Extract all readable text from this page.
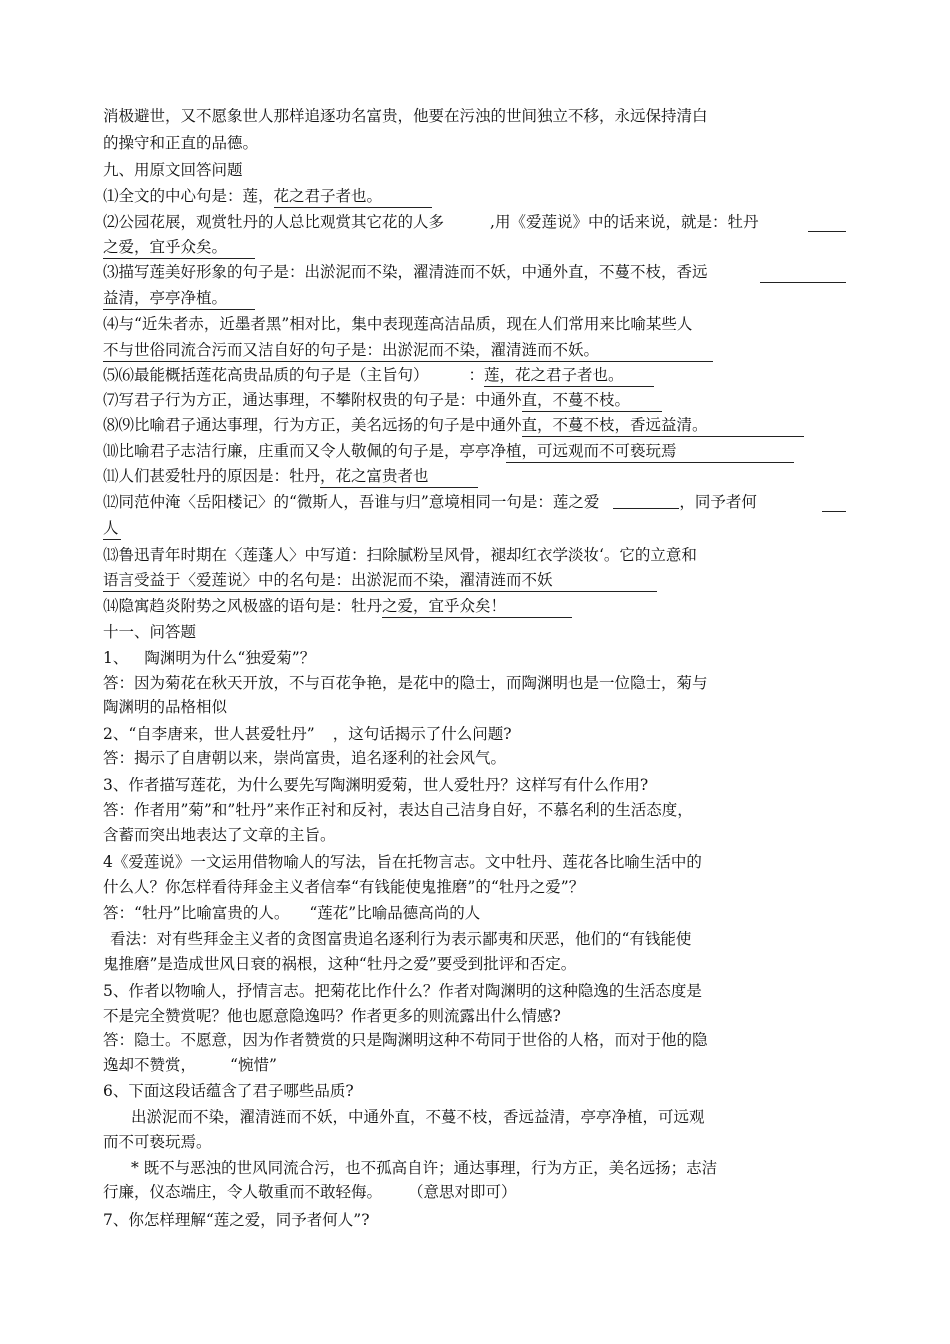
消极避世，又不愿象世人那样追逐功名富贵，他要在污浊的世间独立不移，永远保持清白
的操守和正直的品德。
九、用原文回答问题
⑴全文的中心句是：莲，花之君子者也。
⑵公园花展，观赏牡丹的人总比观赏其它花的人多	,用《爱莲说》中的话来说，就是：牡丹
之爱，宜乎众矣。
⑶描写莲美好形象的句子是：出淤泥而不染，濯清涟而不妖，中通外直，不蔓不枝，香远
益清，亭亭净植。
⑷与“近朱者赤，近墨者黑”相对比，集中表现莲高洁品质，现在人们常用来比喻某些人
不与世俗同流合污而又洁自好的句子是：出淤泥而不染，濯清涟而不妖。
⑸⑹最能概括莲花高贵品质的句子是（主旨句）	：莲，花之君子者也。
⑺写君子行为方正，通达事理，不攀附权贵的句子是：中通外直，不蔓不枝。
⑻⑼比喻君子通达事理，行为方正，美名远扬的句子是中通外直，不蔓不枝，香远益清。
⑽比喻君子志洁行廉，庄重而又令人敬佩的句子是，亭亭净植，可远观而不可亵玩焉
⑾人们甚爱牡丹的原因是：牡丹，花之富贵者也
⑿同范仲淹〈岳阳楼记〉的“微斯人，吾谁与归”意境相同一句是：莲之爱	，同予者何
人
⒀鲁迅青年时期在〈莲蓬人〉中写道：扫除腻粉呈风骨，褪却红衣学淡妆‘。它的立意和
语言受益于〈爱莲说〉中的名句是：出淤泥而不染，濯清涟而不妖
⒁隐寓趋炎附势之风极盛的语句是：牡丹之爱，宜乎众矣！
十一、问答题
1、 陶渊明为什么“独爱菊”？
答：因为菊花在秋天开放，不与百花争艳，是花中的隐士，而陶渊明也是一位隐士，菊与
陶渊明的品格相似
2、“自李唐来，世人甚爱牡丹” ，这句话揭示了什么问题?
答：揭示了自唐朝以来，崇尚富贵，追名逐利的社会风气。
3、作者描写莲花，为什么要先写陶渊明爱菊，世人爱牡丹？这样写有什么作用?
答：作者用”菊”和”牡丹”来作正衬和反衬，表达自己洁身自好，不慕名利的生活态度，
含蓄而突出地表达了文章的主旨。
4《爱莲说》一文运用借物喻人的写法，旨在托物言志。文中牡丹、莲花各比喻生活中的
什么人？你怎样看待拜金主义者信奉“有钱能使鬼推磨”的“牡丹之爱”？
答：“牡丹”比喻富贵的人。 “莲花”比喻品德高尚的人
看法：对有些拜金主义者的贪图富贵追名逐利行为表示鄙夷和厌恶，他们的“有钱能使
鬼推磨”是造成世风日衰的祸根，这种“牡丹之爱”要受到批评和否定。
5、作者以物喻人，抒情言志。把菊花比作什么？作者对陶渊明的这种隐逸的生活态度是
不是完全赞赏呢？他也愿意隐逸吗？作者更多的则流露出什么情感?
答：隐士。不愿意，因为作者赞赏的只是陶渊明这种不苟同于世俗的人格，而对于他的隐
逸却不赞赏， “惋惜”
6、下面这段话蕴含了君子哪些品质?
出淤泥而不染，濯清涟而不妖，中通外直，不蔓不枝，香远益清，亭亭净植，可远观
而不可亵玩焉。
* 既不与恶浊的世风同流合污，也不孤高自许；通达事理，行为方正，美名远扬；志洁
行廉，仪态端庄，令人敬重而不敢轻侮。 （意思对即可）
7、你怎样理解“莲之爱，同予者何人”?
